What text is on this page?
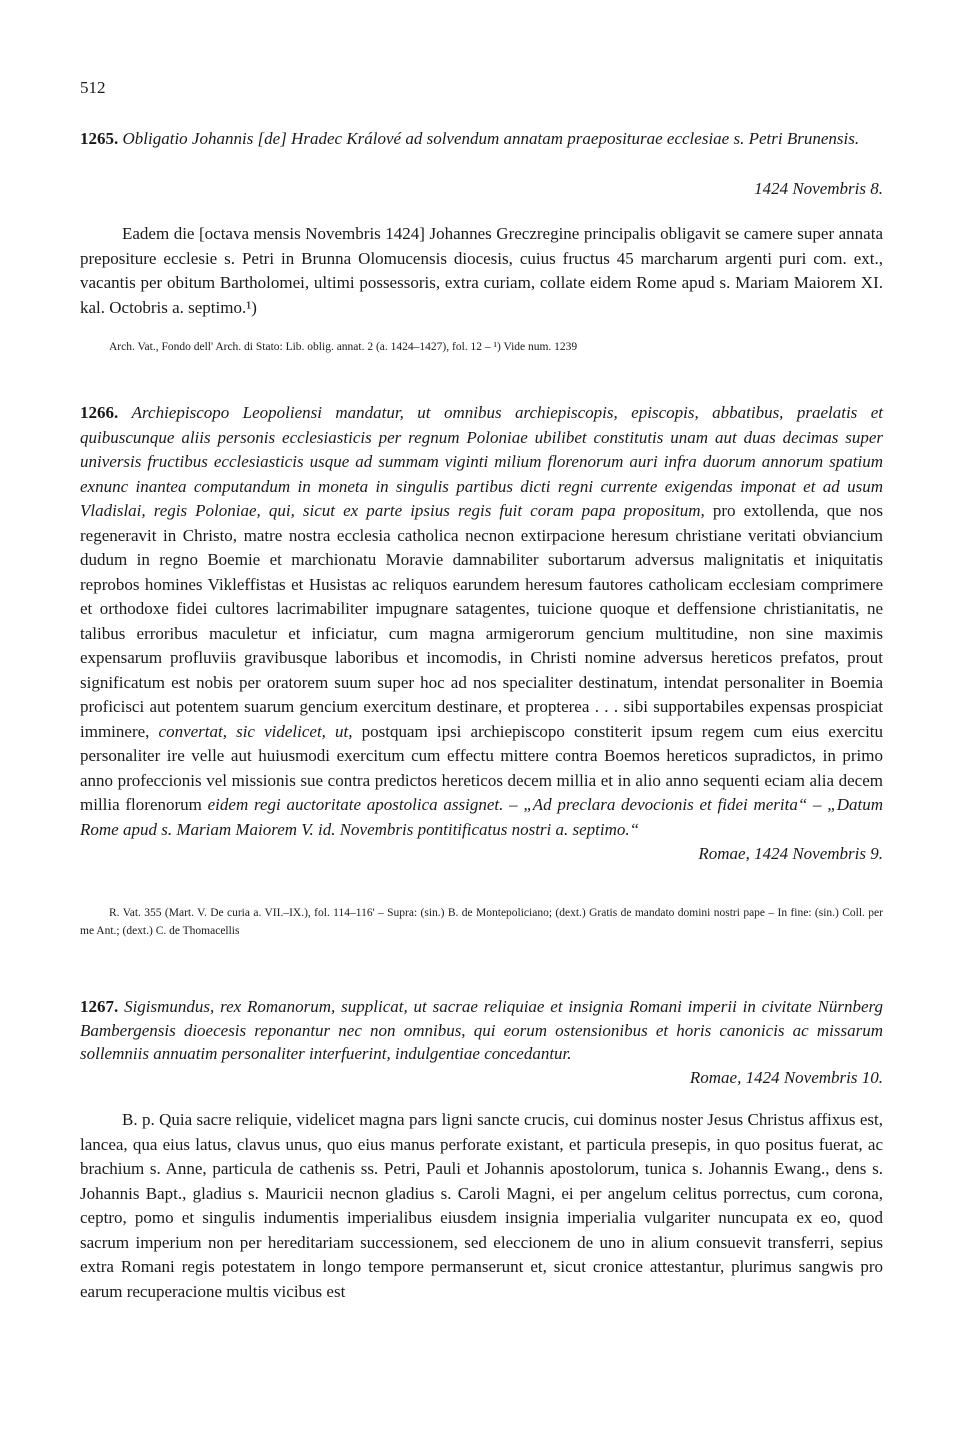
512
1265. Obligatio Johannis [de] Hradec Králové ad solvendum annatam praepositurae ecclesiae s. Petri Brunensis.
1424 Novembris 8.

Eadem die [octava mensis Novembris 1424] Johannes Greczregine principalis obligavit se camere super annata prepositure ecclesie s. Petri in Brunna Olomucensis diocesis, cuius fructus 45 marcharum argenti puri com. ext., vacantis per obitum Bartholomei, ultimi possessoris, extra curiam, collate eidem Rome apud s. Mariam Maiorem XI. kal. Octobris a. septimo.¹)

Arch. Vat., Fondo dell' Arch. di Stato: Lib. oblig. annat. 2 (a. 1424–1427), fol. 12 – ¹) Vide num. 1239

1266. Archiepiscopo Leopoliensi mandatur, ut omnibus archiepiscopis, episcopis, abbatibus, praelatis et quibuscunque aliis personis ecclesiasticis per regnum Poloniae ubilibet constitutis unam aut duas decimas super universis fructibus ecclesiasticis usque ad summam viginti milium florenorum auri infra duorum annorum spatium exnunc inantea computandum in moneta in singulis partibus dicti regni currente exigendas imponat et ad usum Vladislai, regis Poloniae, qui, sicut ex parte ipsius regis fuit coram papa propositum, pro extollenda, que nos regeneravit in Christo, matre nostra ecclesia catholica necnon extirpacione heresum christiane veritati obviancium dudum in regno Boemie et marchionatu Moravie damnabiliter subortarum adversus malignitatis et iniquitatis reprobos homines Vikleffistas et Husistas ac reliquos earundem heresum fautores catholicam ecclesiam comprimere et orthodoxe fidei cultores lacrimabiliter impugnare satagentes, tuicione quoque et deffensione christianitatis, ne talibus erroribus maculetur et inficiatur, cum magna armigerorum gencium multitudine, non sine maximis expensarum profluviis gravibusque laboribus et incomodis, in Christi nomine adversus hereticos prefatos, prout significatum est nobis per oratorem suum super hoc ad nos specialiter destinatum, intendat personaliter in Boemia proficisci aut potentem suarum gencium exercitum destinare, et propterea . . . sibi supportabiles expensas prospiciat imminere, convertat, sic videlicet, ut, postquam ipsi archiepiscopo constiterit ipsum regem cum eius exercitu personaliter ire velle aut huiusmodi exercitum cum effectu mittere contra Boemos hereticos supradictos, in primo anno profeccionis vel missionis sue contra predictos hereticos decem millia et in alio anno sequenti eciam alia decem millia florenorum eidem regi auctoritate apostolica assignet. – „Ad preclara devocionis et fidei merita“ – „Datum Rome apud s. Mariam Maiorem V. id. Novembris pontitificatus nostri a. septimo.“

Romae, 1424 Novembris 9.

R. Vat. 355 (Mart. V. De curia a. VII.–IX.), fol. 114–116' – Supra: (sin.) B. de Montepoliciano; (dext.) Gratis de mandato domini nostri pape – In fine: (sin.) Coll. per me Ant.; (dext.) C. de Thomacellis

1267. Sigismundus, rex Romanorum, supplicat, ut sacrae reliquiae et insignia Romani imperii in civitate Nürnberg Bambergensis dioecesis reponantur nec non omnibus, qui eorum ostensionibus et horis canonicis ac missarum sollemniis annuatim personaliter interfuerint, indulgentiae concedantur.
Romae, 1424 Novembris 10.

B. p. Quia sacre reliquie, videlicet magna pars ligni sancte crucis, cui dominus noster Jesus Christus affixus est, lancea, qua eius latus, clavus unus, quo eius manus perforate existant, et particula presepis, in quo positus fuerat, ac brachium s. Anne, particula de cathenis ss. Petri, Pauli et Johannis apostolorum, tunica s. Johannis Ewang., dens s. Johannis Bapt., gladius s. Mauricii necnon gladius s. Caroli Magni, ei per angelum celitus porrectus, cum corona, ceptro, pomo et singulis indumentis imperialibus eiusdem insignia imperialia vulgariter nuncupata ex eo, quod sacrum imperium non per hereditariam successionem, sed eleccionem de uno in alium consuevit transferri, sepius extra Romani regis potestatem in longo tempore permanserunt et, sicut cronice attestantur, plurimus sangwis pro earum recuperacione multis vicibus est
